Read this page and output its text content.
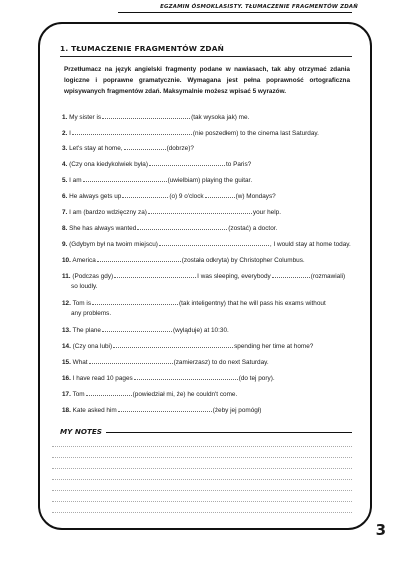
EGZAMIN ÓSMOKLASISTY. TŁUMACZENIE FRAGMENTÓW ZDAŃ
1. TŁUMACZENIE FRAGMENTÓW ZDAŃ

Przetłumacz na język angielski fragmenty podane w nawiasach, tak aby otrzymać zdania logiczne i poprawne gramatycznie. Wymagana jest pełna poprawność ortograficzna wpisywanych fragmentów zdań. Maksymalnie możesz wpisać 5 wyrazów.

1. My sister is	(tak wysoka jak) me.
2. I	(nie poszedłem) to the cinema last Saturday.
3. Let's stay at home,	(dobrze)?
4. (Czy ona kiedykolwiek była)	to Paris?
5. I am	(uwielbiam) playing the guitar.
6. He always gets up	(o) 9 o'clock	(w) Mondays?
7. I am (bardzo wdzięczny za)	your help.
8. She has always wanted	(zostać) a doctor.
9. (Gdybym był na twoim miejscu)	, I would stay at home today.
10. America	(została odkryta) by Christopher Columbus.
11. (Podczas gdy)	I was sleeping, everybody	(rozmawiali)
so loudly.
12. Tom is	(tak inteligentny) that he will pass his exams without
any problems.
13. The plane	(wyląduje) at 10:30.
14. (Czy ona lubi)	spending her time at home?
15. What	(zamierzasz) to do next Saturday.
16. I have read 10 pages	(do tej pory).
17. Tom	(powiedział mi, że) he couldn't come.
18. Kate asked him	(żeby jej pomógł)
MY NOTES
3
